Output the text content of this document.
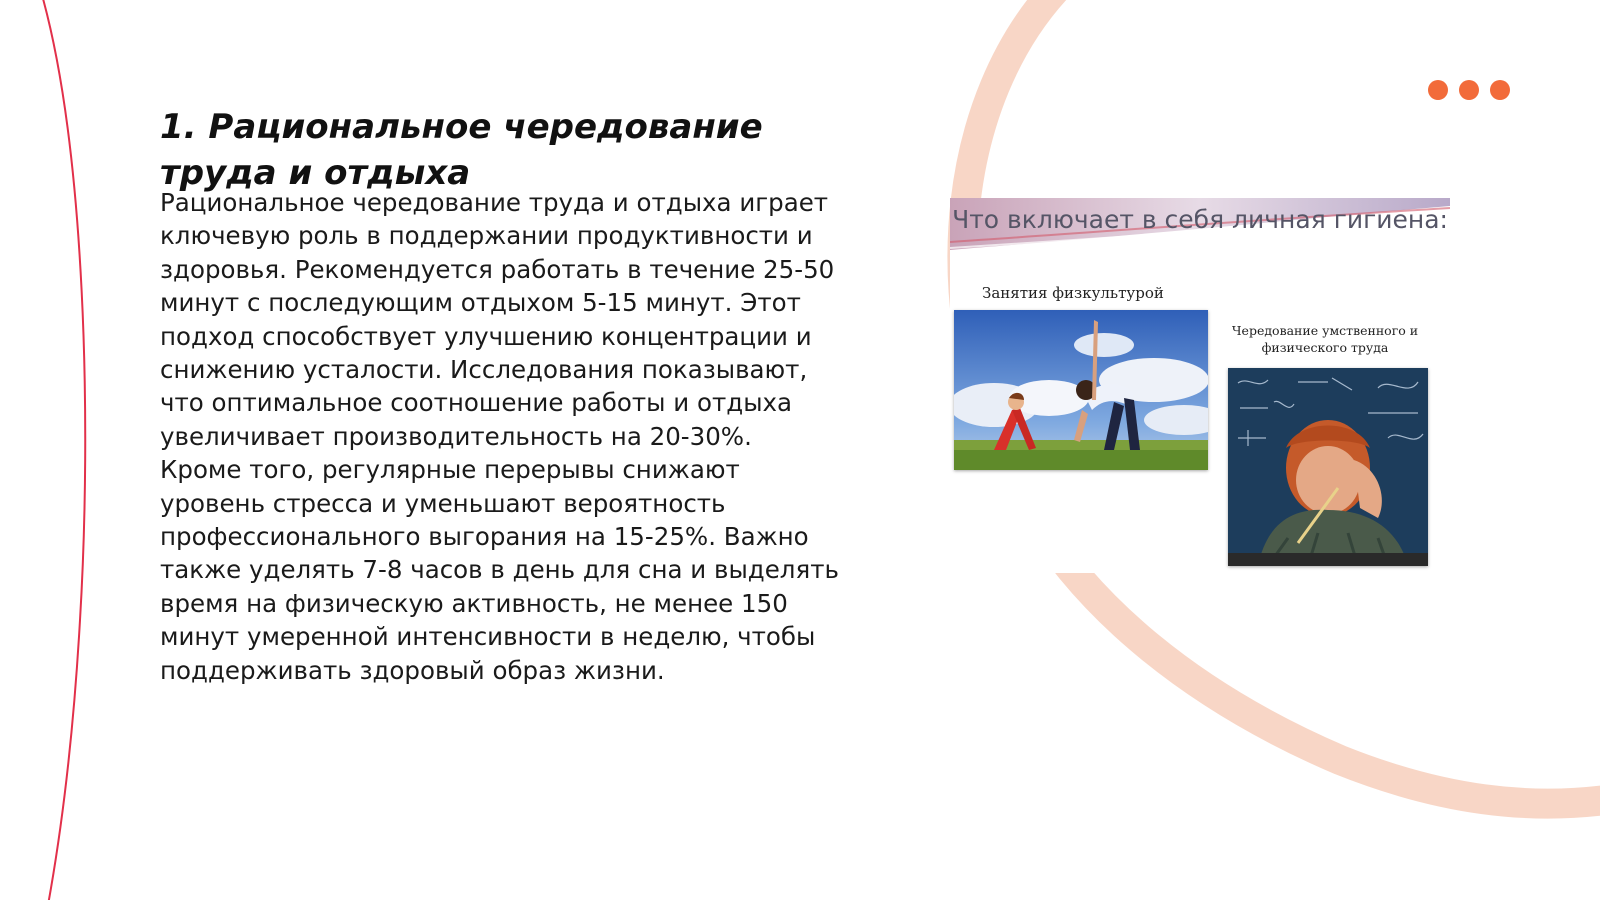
1. Рациональное чередование труда и отдыха

Рациональное чередование труда и отдыха играет ключевую роль в поддержании продуктивности и здоровья. Рекомендуется работать в течение 25-50 минут с последующим отдыхом 5-15 минут. Этот подход способствует улучшению концентрации и снижению усталости. Исследования показывают, что оптимальное соотношение работы и отдыха увеличивает производительность на 20-30%. Кроме того, регулярные перерывы снижают уровень стресса и уменьшают вероятность профессионального выгорания на 15-25%. Важно также уделять 7-8 часов в день для сна и выделять время на физическую активность, не менее 150 минут умеренной интенсивности в неделю, чтобы поддерживать здоровый образ жизни.

Что включает в себя личная гигиена:

Занятия физкультурой
Чередование умственного и физического труда
